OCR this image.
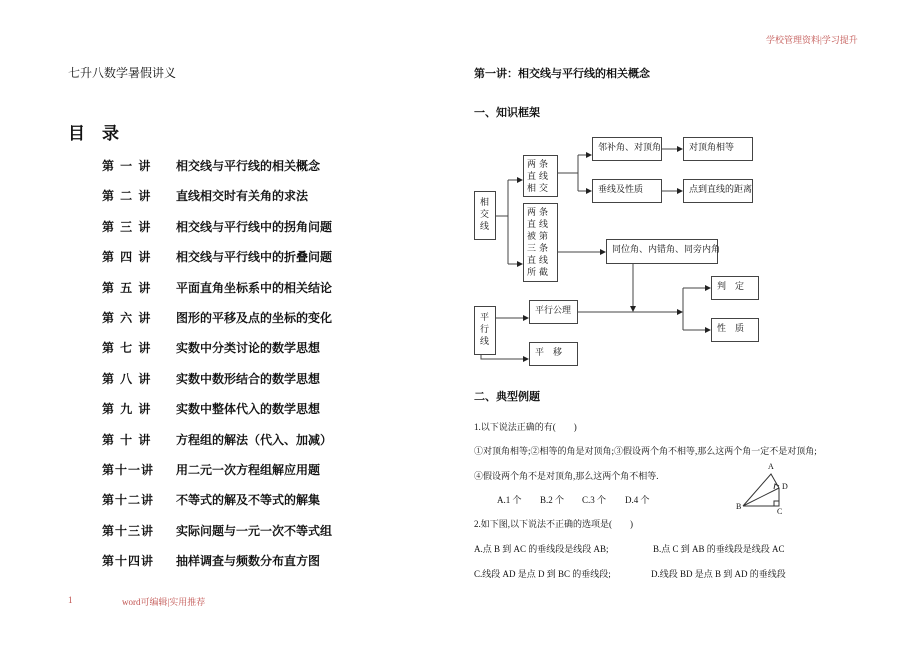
学校管理资料|学习提升
七升八数学暑假讲义
目　录
第 一 讲 相交线与平行线的相关概念
第 二 讲 直线相交时有关角的求法
第 三 讲 相交线与平行线中的拐角问题
第 四 讲 相交线与平行线中的折叠问题
第 五 讲 平面直角坐标系中的相关结论
第 六 讲 图形的平移及点的坐标的变化
第 七 讲 实数中分类讨论的数学思想
第 八 讲 实数中数形结合的数学思想
第 九 讲 实数中整体代入的数学思想
第 十 讲 方程组的解法（代入、加减）
第十一讲 用二元一次方程组解应用题
第十二讲 不等式的解及不等式的解集
第十三讲 实际问题与一元一次不等式组
第十四讲 抽样调查与频数分布直方图
第一讲：相交线与平行线的相关概念
一、知识框架
相交线
两条直线相交
两条直线被第三条直线所截
邻补角、对顶角	对顶角相等
垂线及性质	点到直线的距离
同位角、内错角、同旁内角
判　定
性　质
平行线
平行公理
平　移
二、典型例题
1.以下说法正确的有(　　)
①对顶角相等;②相等的角是对顶角;③假设两个角不相等,那么这两个角一定不是对顶角;
④假设两个角不是对顶角,那么这两个角不相等.
A.1 个 B.2 个 C.3 个 D.4 个
A
B
C
D
2.如下图,以下说法不正确的选项是(　　)
A.点 B 到 AC 的垂线段是线段 AB;	B.点 C 到 AB 的垂线段是线段 AC
C.线段 AD 是点 D 到 BC 的垂线段;	D.线段 BD 是点 B 到 AD 的垂线段
1	word可编辑|实用推荐
